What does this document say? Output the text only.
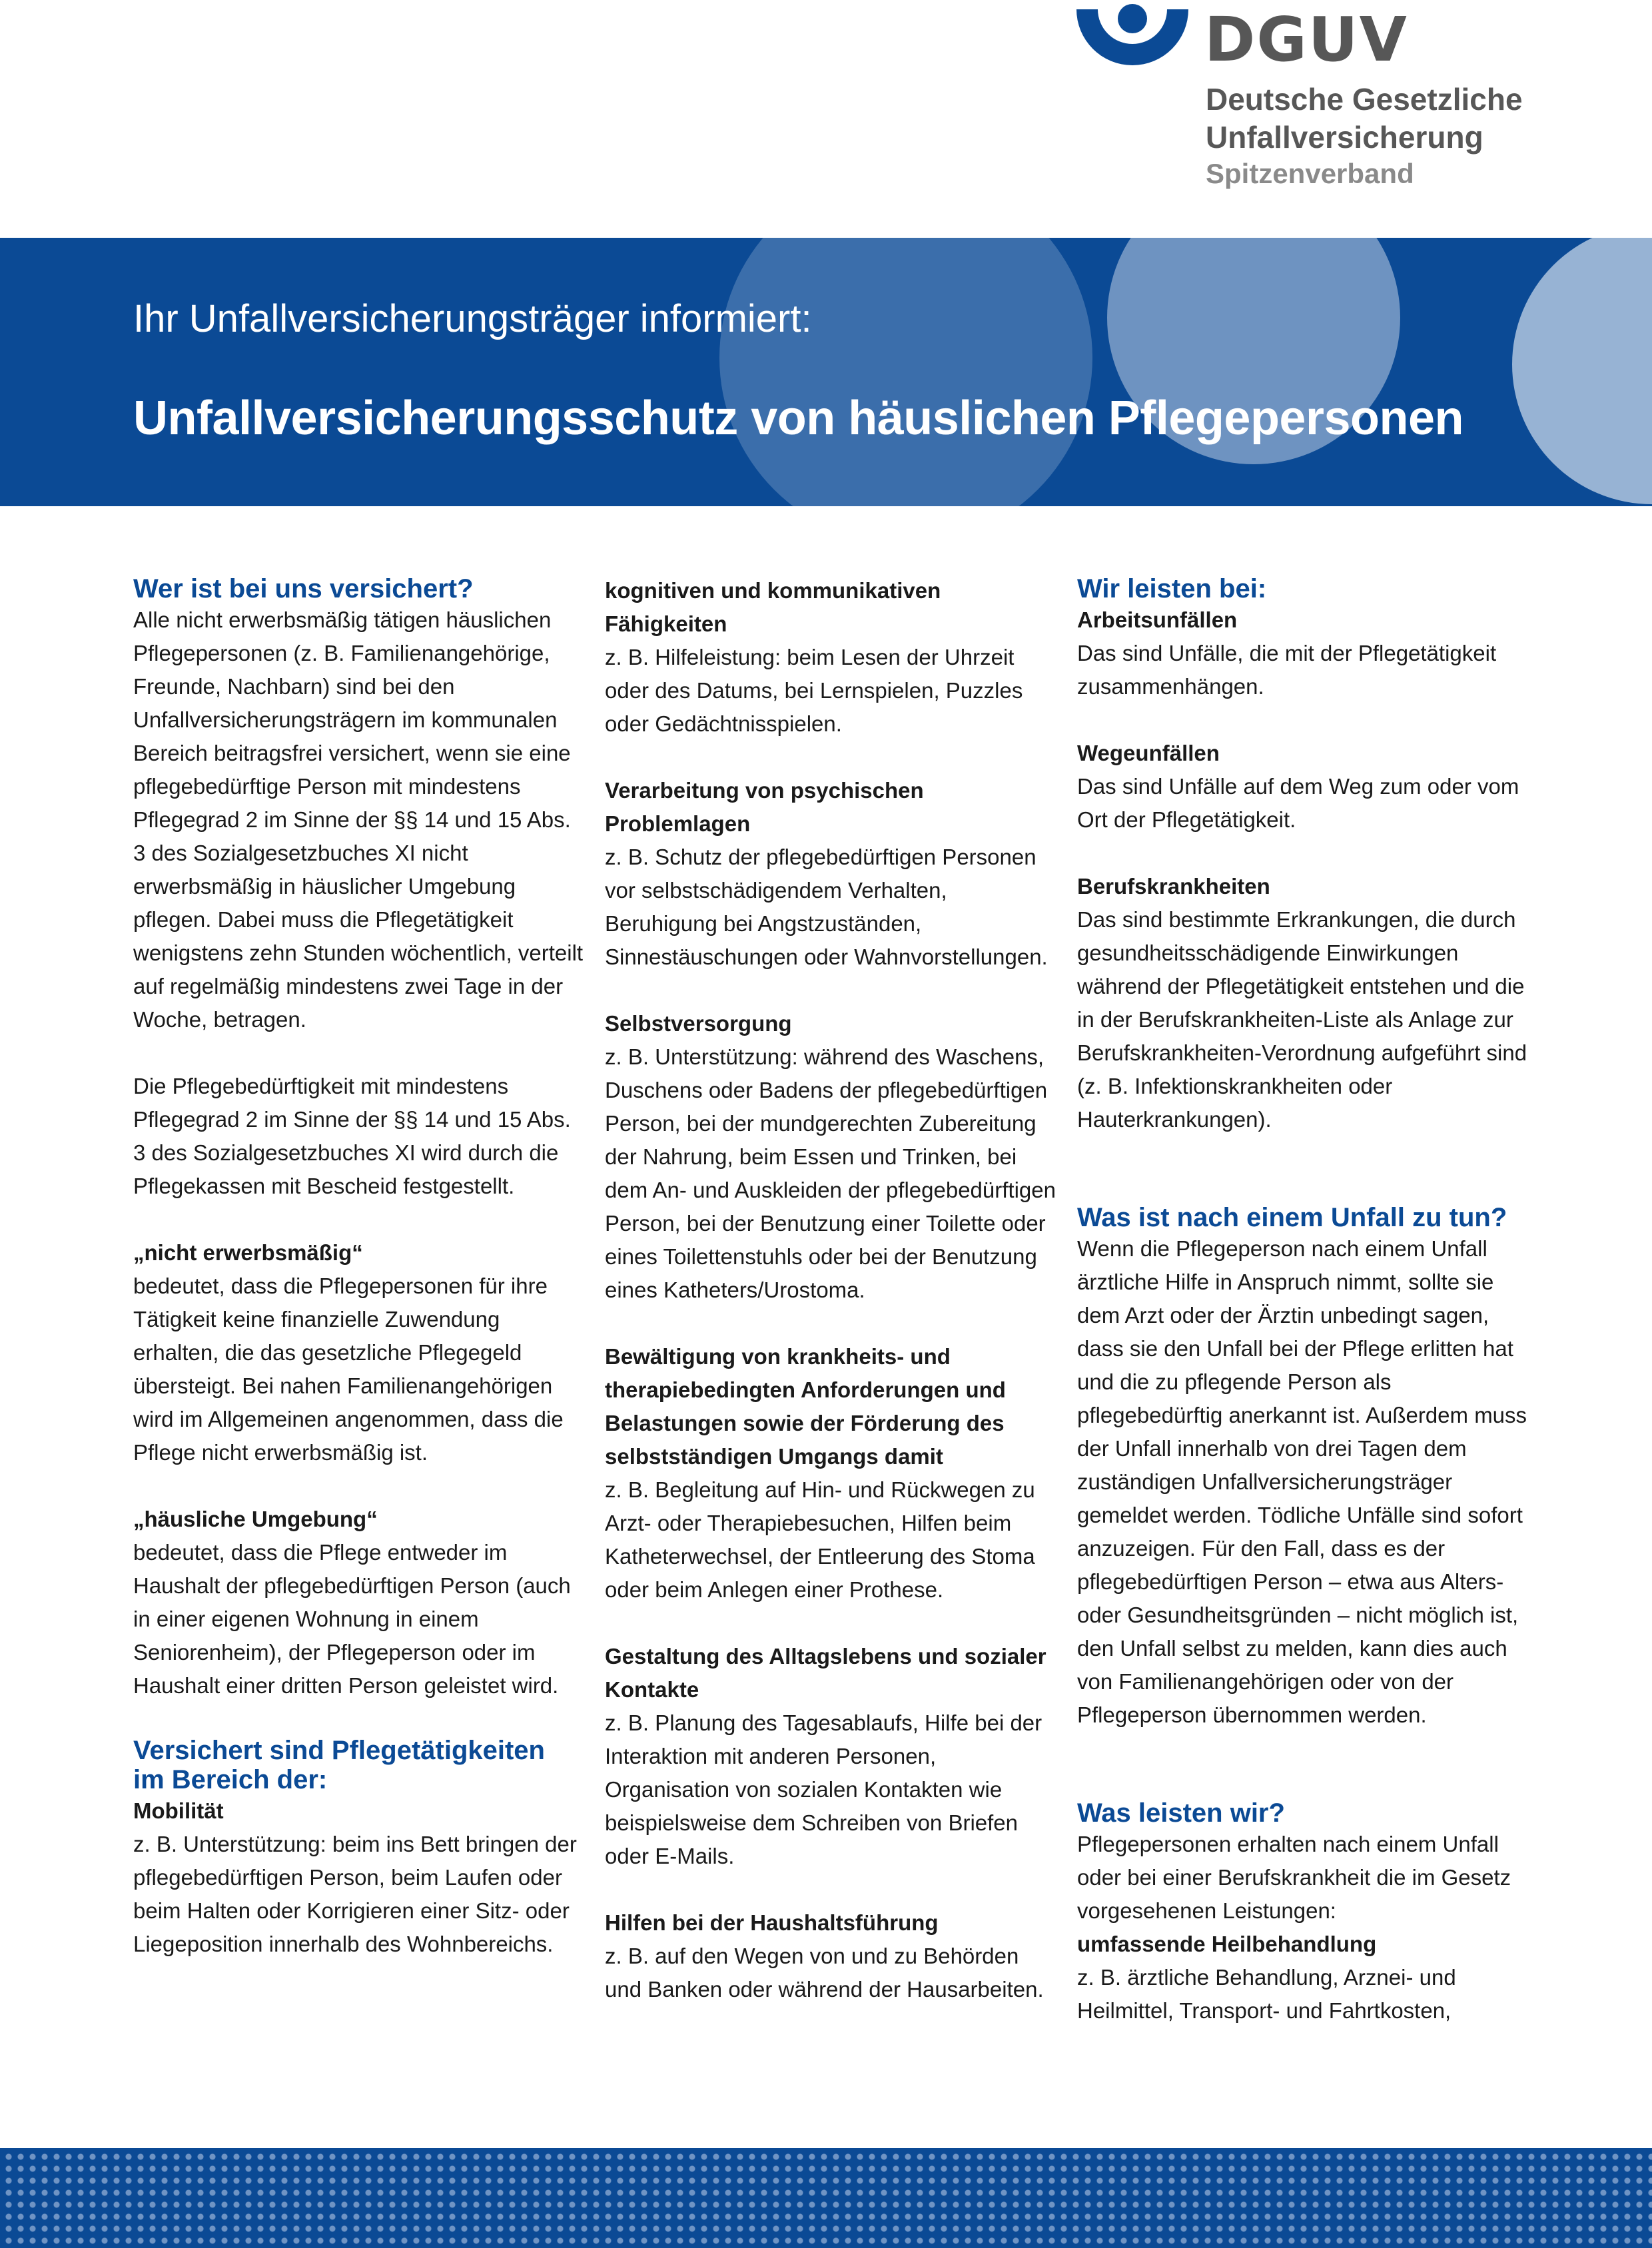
DGUV

Deutsche Gesetzliche

Unfallversicherung

Spitzenverband

Ihr Unfallversicherungsträger informiert:

Unfallversicherungsschutz von häuslichen Pflegepersonen
Wer ist bei uns versichert?

Alle nicht erwerbsmäßig tätigen häuslichen Pflegepersonen (z. B. Familienangehörige, Freunde, Nachbarn) sind bei den Unfallversicherungsträgern im kommunalen Bereich beitragsfrei versichert, wenn sie eine pflegebedürftige Person mit mindestens Pflegegrad 2 im Sinne der §§ 14 und 15 Abs. 3 des Sozialgesetzbuches XI nicht erwerbsmäßig in häuslicher Umgebung pflegen. Dabei muss die Pflegetätigkeit wenigstens zehn Stunden wöchentlich, verteilt auf regelmäßig mindestens zwei Tage in der Woche, betragen.

Die Pflegebedürftigkeit mit mindestens Pflegegrad 2 im Sinne der §§ 14 und 15 Abs. 3 des Sozialgesetzbuches XI wird durch die Pflegekassen mit Bescheid festgestellt.

„nicht erwerbsmäßig“

bedeutet, dass die Pflegepersonen für ihre Tätigkeit keine finanzielle Zuwendung erhalten, die das gesetzliche Pflegegeld übersteigt. Bei nahen Familienangehörigen wird im Allgemeinen angenommen, dass die Pflege nicht erwerbsmäßig ist.

„häusliche Umgebung“

bedeutet, dass die Pflege entweder im Haushalt der pflegebedürftigen Person (auch in einer eigenen Wohnung in einem Seniorenheim), der Pflegeperson oder im Haushalt einer dritten Person geleistet wird.

Versichert sind Pflegetätigkeiten
im Bereich der:
Mobilität

z. B. Unterstützung: beim ins Bett bringen der pflegebedürftigen Person, beim Laufen oder beim Halten oder Korrigieren einer Sitz- oder Liegeposition innerhalb des Wohnbereichs.

kognitiven und kommunikativen Fähigkeiten

z. B. Hilfeleistung: beim Lesen der Uhrzeit oder des Datums, bei Lernspielen, Puzzles oder Gedächtnisspielen.

Verarbeitung von psychischen Problemlagen

z. B. Schutz der pflegebedürftigen Personen vor selbstschädigendem Verhalten, Beruhigung bei Angstzuständen, Sinnestäuschungen oder Wahnvorstellungen.

Selbstversorgung

z. B. Unterstützung: während des Waschens, Duschens oder Badens der pflegebedürftigen Person, bei der mundgerechten Zubereitung der Nahrung, beim Essen und Trinken, bei dem An- und Auskleiden der pflegebedürftigen Person, bei der Benutzung einer Toilette oder eines Toilettenstuhls oder bei der Benutzung eines Katheters/Urostoma.

Bewältigung von krankheits- und therapiebedingten Anforderungen und Belastungen sowie der Förderung des selbstständigen Umgangs damit

z. B. Begleitung auf Hin- und Rückwegen zu Arzt- oder Therapiebesuchen, Hilfen beim Katheterwechsel, der Entleerung des Stoma oder beim Anlegen einer Prothese.

Gestaltung des Alltagslebens und sozialer Kontakte

z. B. Planung des Tagesablaufs, Hilfe bei der Interaktion mit anderen Personen, Organisation von sozialen Kontakten wie beispielsweise dem Schreiben von Briefen oder E-Mails.

Hilfen bei der Haushaltsführung

z. B. auf den Wegen von und zu Behörden und Banken oder während der Hausarbeiten.

Wir leisten bei:
Arbeitsunfällen

Das sind Unfälle, die mit der Pflegetätigkeit zusammenhängen.

Wegeunfällen

Das sind Unfälle auf dem Weg zum oder vom Ort der Pflegetätigkeit.

Berufskrankheiten

Das sind bestimmte Erkrankungen, die durch gesundheitsschädigende Einwirkungen während der Pflegetätigkeit entstehen und die in der Berufskrankheiten-Liste als Anlage zur Berufskrankheiten-Verordnung aufgeführt sind (z. B. Infektionskrankheiten oder Hauterkrankungen).

Was ist nach einem Unfall zu tun?

Wenn die Pflegeperson nach einem Unfall ärztliche Hilfe in Anspruch nimmt, sollte sie dem Arzt oder der Ärztin unbedingt sagen, dass sie den Unfall bei der Pflege erlitten hat und die zu pflegende Person als pflegebedürftig anerkannt ist. Außerdem muss der Unfall innerhalb von drei Tagen dem zuständigen Unfallversicherungsträger gemeldet werden. Tödliche Unfälle sind sofort anzuzeigen. Für den Fall, dass es der pflegebedürftigen Person – etwa aus Alters- oder Gesundheitsgründen – nicht möglich ist, den Unfall selbst zu melden, kann dies auch von Familienangehörigen oder von der Pflegeperson übernommen werden.

Was leisten wir?

Pflegepersonen erhalten nach einem Unfall oder bei einer Berufskrankheit die im Gesetz vorgesehenen Leistungen:

umfassende Heilbehandlung

z. B. ärztliche Behandlung, Arznei- und Heilmittel, Transport- und Fahrtkosten,
